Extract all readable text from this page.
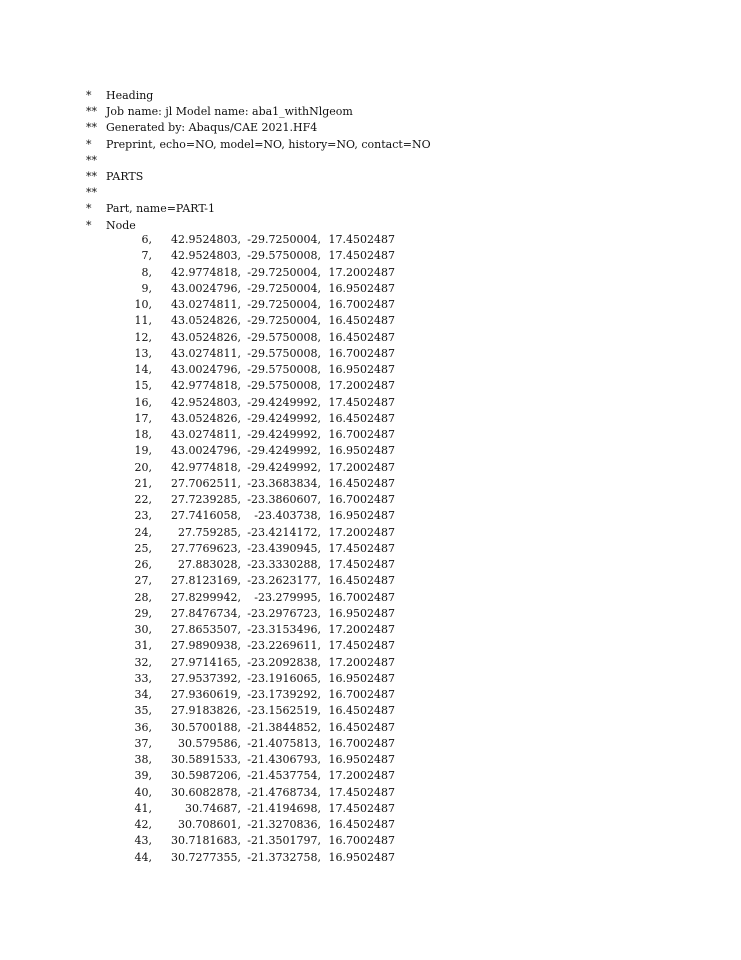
* Heading
** Job name: jl Model name: aba1_withNlgeom
** Generated by: Abaqus/CAE 2021.HF4
* Preprint, echo=NO, model=NO, history=NO, contact=NO
**
** PARTS
**
* Part, name=PART-1
* Node
6,	42.9524803, -29.7250004, 17.4502487
7,	42.9524803, -29.5750008, 17.4502487
8,	42.9774818, -29.7250004, 17.2002487
9,	43.0024796, -29.7250004, 16.9502487
10,	43.0274811, -29.7250004, 16.7002487
11,	43.0524826, -29.7250004, 16.4502487
12,	43.0524826, -29.5750008, 16.4502487
13,	43.0274811, -29.5750008, 16.7002487
14,	43.0024796, -29.5750008, 16.9502487
15,	42.9774818, -29.5750008, 17.2002487
16,	42.9524803, -29.4249992, 17.4502487
17,	43.0524826, -29.4249992, 16.4502487
18,	43.0274811, -29.4249992, 16.7002487
19,	43.0024796, -29.4249992, 16.9502487
20,	42.9774818, -29.4249992, 17.2002487
21,	27.7062511, -23.3683834, 16.4502487
22,	27.7239285, -23.3860607, 16.7002487
23,	27.7416058,	-23.403738, 16.9502487
24,	27.759285, -23.4214172, 17.2002487
25,	27.7769623, -23.4390945, 17.4502487
26,	27.883028, -23.3330288, 17.4502487
27,	27.8123169, -23.2623177, 16.4502487
28,	27.8299942,	-23.279995, 16.7002487
29,	27.8476734, -23.2976723, 16.9502487
30,	27.8653507, -23.3153496, 17.2002487
31,	27.9890938, -23.2269611, 17.4502487
32,	27.9714165, -23.2092838, 17.2002487
33,	27.9537392, -23.1916065, 16.9502487
34,	27.9360619, -23.1739292, 16.7002487
35,	27.9183826, -23.1562519, 16.4502487
36,	30.5700188, -21.3844852, 16.4502487
37,	30.579586, -21.4075813, 16.7002487
38,	30.5891533, -21.4306793, 16.9502487
39,	30.5987206, -21.4537754, 17.2002487
40,	30.6082878, -21.4768734, 17.4502487
41,	30.74687, -21.4194698, 17.4502487
42,	30.708601, -21.3270836, 16.4502487
43,	30.7181683, -21.3501797, 16.7002487
44,	30.7277355, -21.3732758, 16.9502487
